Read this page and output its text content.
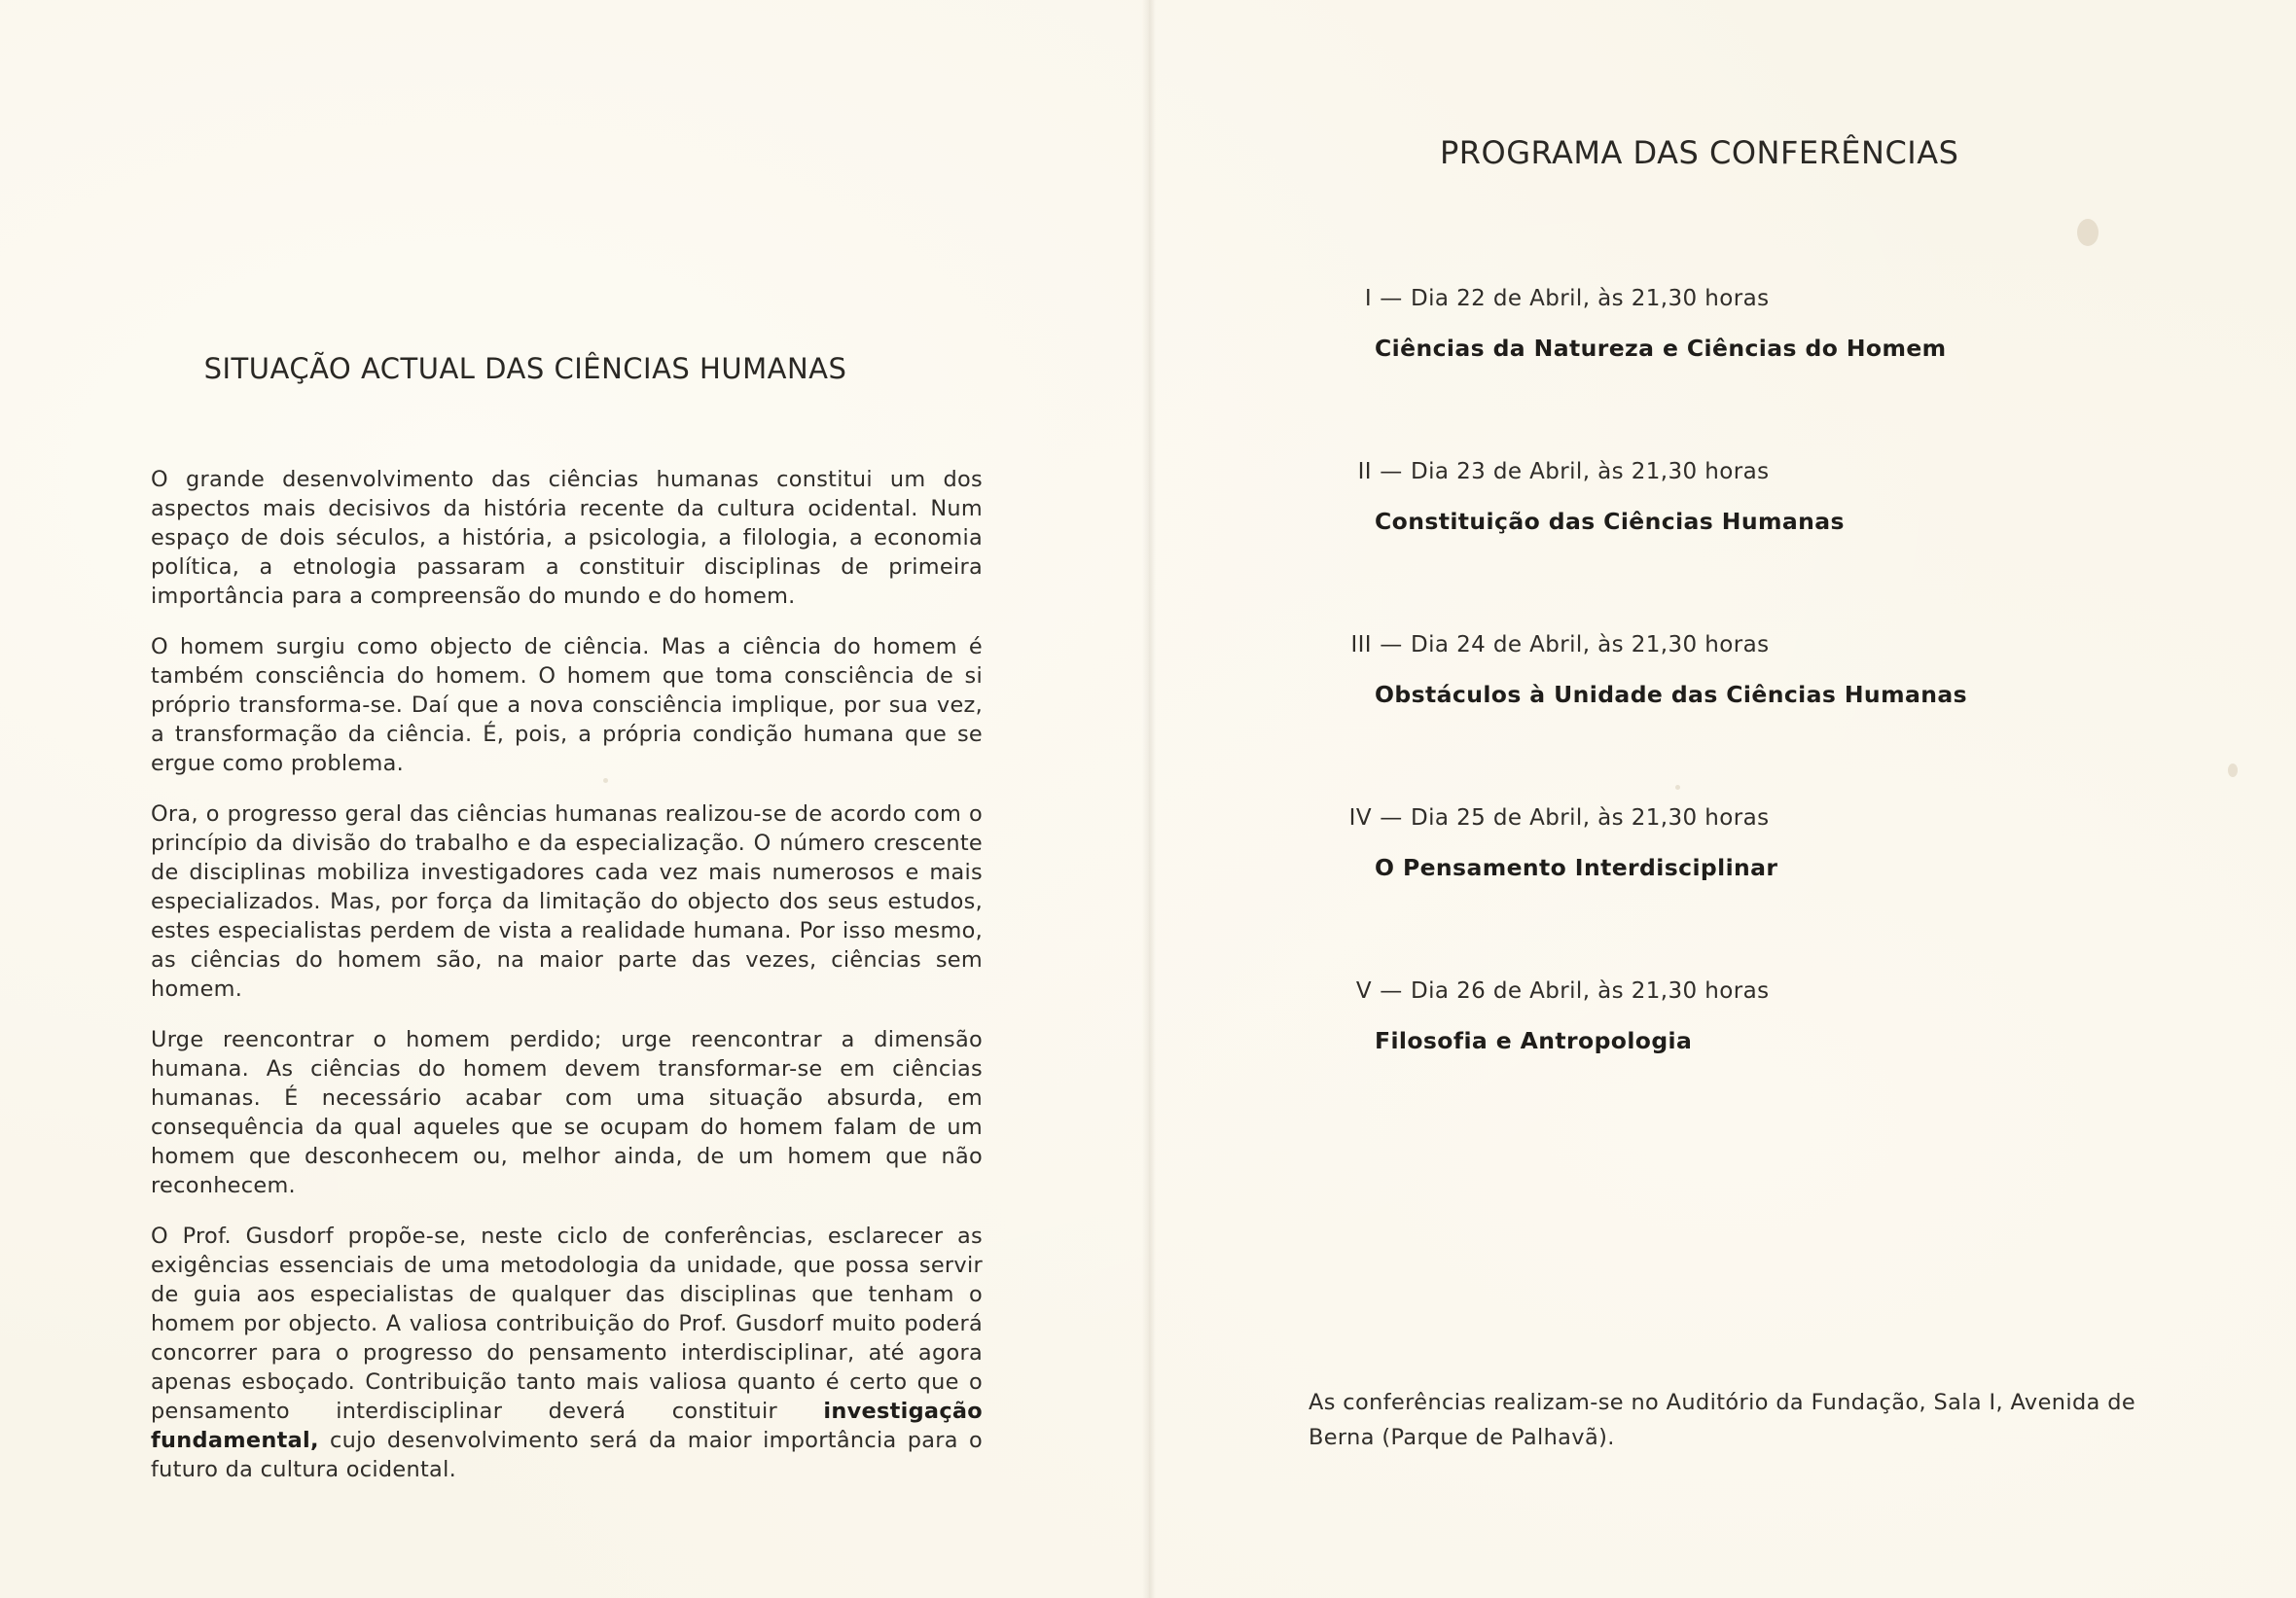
SITUAÇÃO ACTUAL DAS CIÊNCIAS HUMANAS

O grande desenvolvimento das ciências humanas constitui um dos aspectos mais decisivos da história recente da cultura ocidental. Num espaço de dois séculos, a história, a psicologia, a filologia, a economia política, a etnologia passaram a constituir disciplinas de primeira importância para a compreensão do mundo e do homem.

O homem surgiu como objecto de ciência. Mas a ciência do homem é também consciência do homem. O homem que toma consciência de si próprio transforma-se. Daí que a nova consciência implique, por sua vez, a transformação da ciência. É, pois, a própria condição humana que se ergue como problema.

Ora, o progresso geral das ciências humanas realizou-se de acordo com o princípio da divisão do trabalho e da especialização. O número crescente de disciplinas mobiliza investigadores cada vez mais numerosos e mais especializados. Mas, por força da limitação do objecto dos seus estudos, estes especialistas perdem de vista a realidade humana. Por isso mesmo, as ciências do homem são, na maior parte das vezes, ciências sem homem.

Urge reencontrar o homem perdido; urge reencontrar a dimensão humana. As ciências do homem devem transformar-se em ciências humanas. É necessário acabar com uma situação absurda, em consequência da qual aqueles que se ocupam do homem falam de um homem que desconhecem ou, melhor ainda, de um homem que não reconhecem.

O Prof. Gusdorf propõe-se, neste ciclo de conferências, esclarecer as exigências essenciais de uma metodologia da unidade, que possa servir de guia aos especialistas de qualquer das disciplinas que tenham o homem por objecto. A valiosa contribuição do Prof. Gusdorf muito poderá concorrer para o progresso do pensamento interdisciplinar, até agora apenas esboçado. Contribuição tanto mais valiosa quanto é certo que o pensamento interdisciplinar deverá constituir investigação fundamental, cujo desenvolvimento será da maior importância para o futuro da cultura ocidental.

PROGRAMA DAS CONFERÊNCIAS
I — Dia 22 de Abril, às 21,30 horas
Ciências da Natureza e Ciências do Homem
II — Dia 23 de Abril, às 21,30 horas
Constituição das Ciências Humanas
III — Dia 24 de Abril, às 21,30 horas
Obstáculos à Unidade das Ciências Humanas
IV — Dia 25 de Abril, às 21,30 horas
O Pensamento Interdisciplinar
V — Dia 26 de Abril, às 21,30 horas
Filosofia e Antropologia
As conferências realizam-se no Auditório da Fundação, Sala I, Avenida de Berna (Parque de Palhavã).
